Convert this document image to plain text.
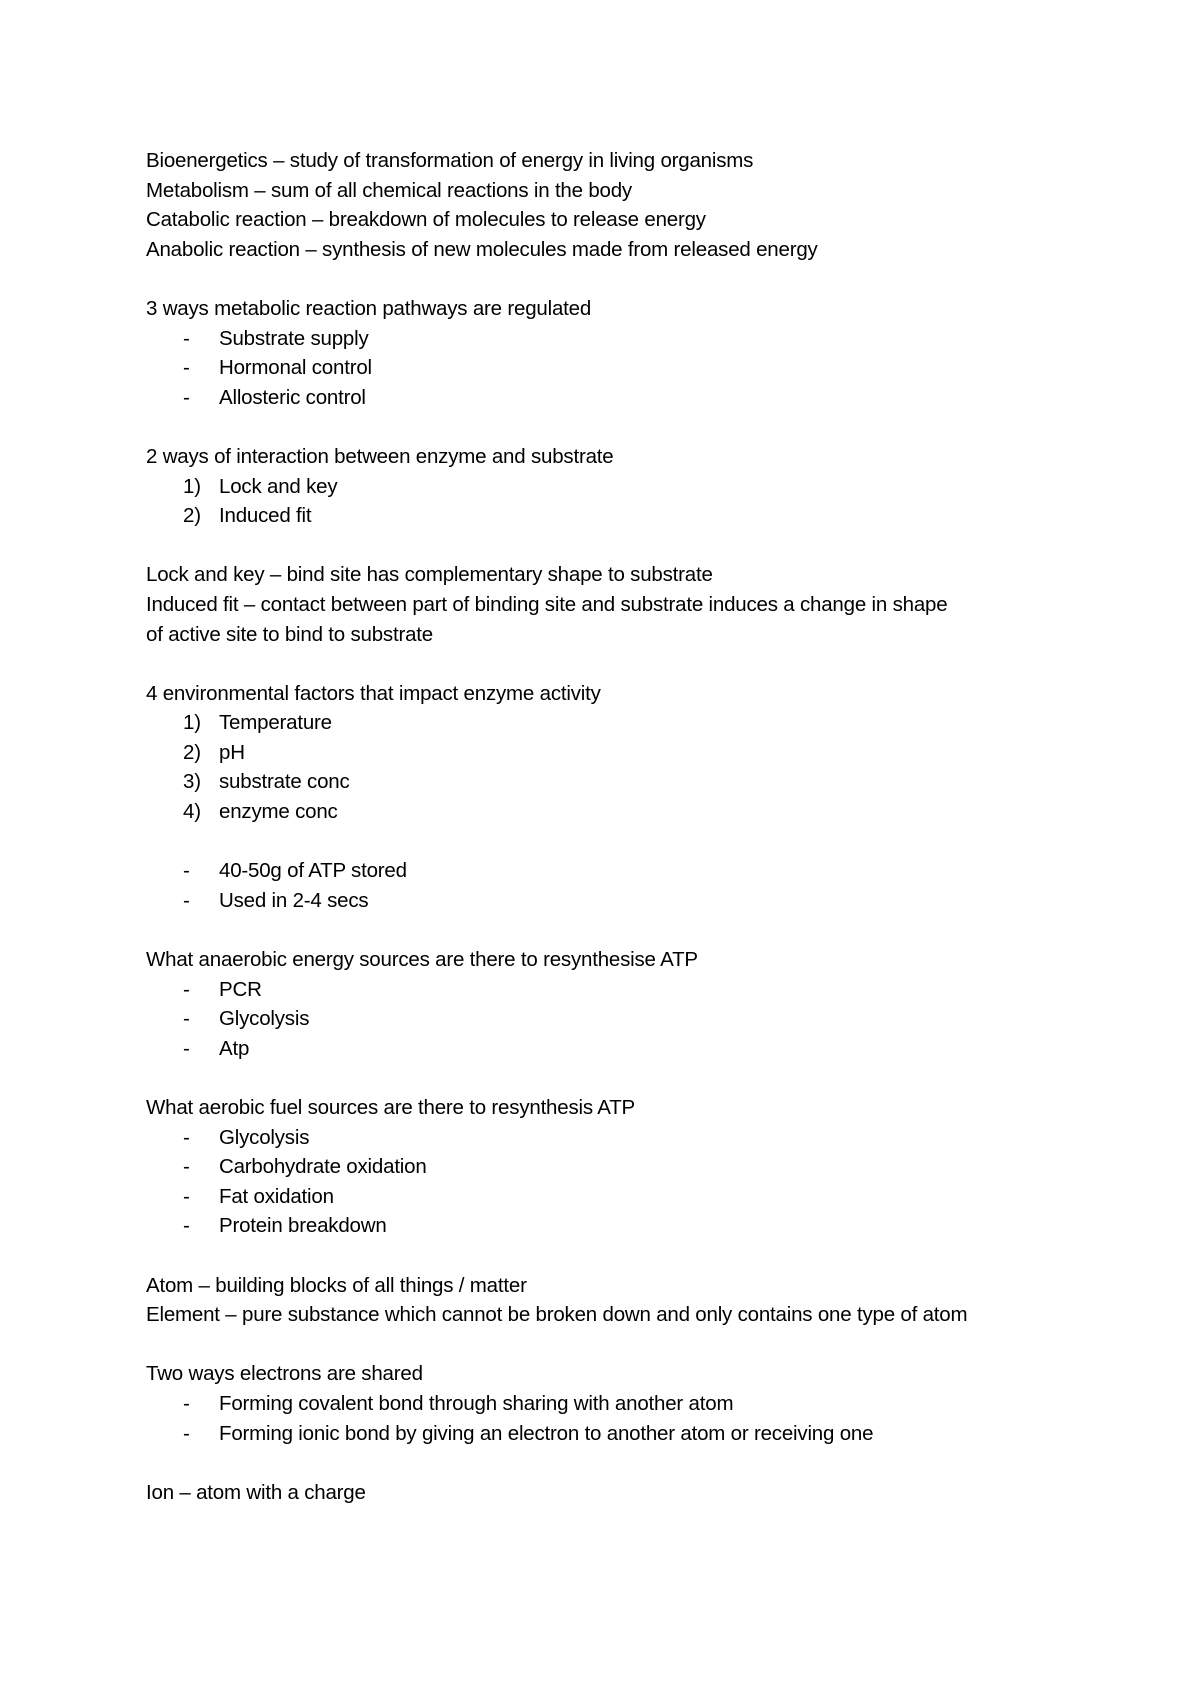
Bioenergetics – study of transformation of energy in living organisms
Metabolism – sum of all chemical reactions in the body
Catabolic reaction – breakdown of molecules to release energy
Anabolic reaction – synthesis of new molecules made from released energy
3 ways metabolic reaction pathways are regulated
- Substrate supply
- Hormonal control
- Allosteric control
2 ways of interaction between enzyme and substrate
1) Lock and key
2) Induced fit
Lock and key – bind site has complementary shape to substrate
Induced fit – contact between part of binding site and substrate induces a change in shape
of active site to bind to substrate
4 environmental factors that impact enzyme activity
1) Temperature
2) pH
3) substrate conc
4) enzyme conc
- 40-50g of ATP stored
- Used in 2-4 secs
What anaerobic energy sources are there to resynthesise ATP
- PCR
- Glycolysis
- Atp
What aerobic fuel sources are there to resynthesis ATP
- Glycolysis
- Carbohydrate oxidation
- Fat oxidation
- Protein breakdown
Atom – building blocks of all things / matter
Element – pure substance which cannot be broken down and only contains one type of atom
Two ways electrons are shared
- Forming covalent bond through sharing with another atom
- Forming ionic bond by giving an electron to another atom or receiving one
Ion – atom with a charge
